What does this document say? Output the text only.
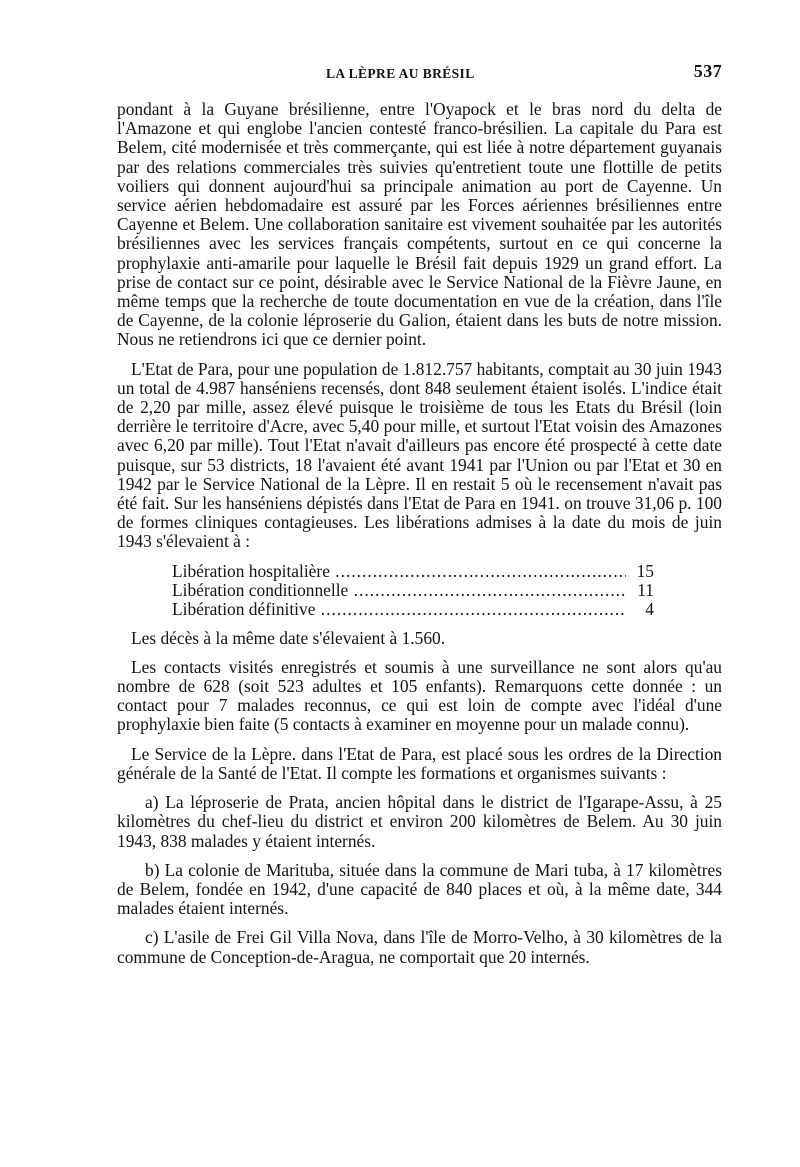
LA LÈPRE AU BRÉSIL	537

pondant à la Guyane brésilienne, entre l'Oyapock et le bras nord du delta de l'Amazone et qui englobe l'ancien contesté franco-brésilien. La capitale du Para est Belem, cité modernisée et très commerçante, qui est liée à notre département guyanais par des relations commerciales très suivies qu'entretient toute une flottille de petits voiliers qui donnent aujourd'hui sa principale animation au port de Cayenne. Un service aérien hebdomadaire est assuré par les Forces aériennes brésiliennes entre Cayenne et Belem. Une collaboration sanitaire est vivement souhaitée par les autorités brésiliennes avec les services français compétents, surtout en ce qui concerne la prophylaxie anti-amarile pour laquelle le Brésil fait depuis 1929 un grand effort. La prise de contact sur ce point, désirable avec le Service National de la Fièvre Jaune, en même temps que la recherche de toute documentation en vue de la création, dans l'île de Cayenne, de la colonie léproserie du Galion, étaient dans les buts de notre mission. Nous ne retiendrons ici que ce dernier point.

L'Etat de Para, pour une population de 1.812.757 habitants, comptait au 30 juin 1943 un total de 4.987 hanséniens recensés, dont 848 seulement étaient isolés. L'indice était de 2,20 par mille, assez élevé puisque le troisième de tous les Etats du Brésil (loin derrière le territoire d'Acre, avec 5,40 pour mille, et surtout l'Etat voisin des Amazones avec 6,20 par mille). Tout l'Etat n'avait d'ailleurs pas encore été prospecté à cette date puisque, sur 53 districts, 18 l'avaient été avant 1941 par l'Union ou par l'Etat et 30 en 1942 par le Service National de la Lèpre. Il en restait 5 où le recensement n'avait pas été fait. Sur les hanséniens dépistés dans l'Etat de Para en 1941. on trouve 31,06 p. 100 de formes cliniques contagieuses. Les libérations admises à la date du mois de juin 1943 s'élevaient à :

Libération hospitalière .....	15
Libération conditionnelle .....	11
Libération définitive .....	4

Les décès à la même date s'élevaient à 1.560.

Les contacts visités enregistrés et soumis à une surveillance ne sont alors qu'au nombre de 628 (soit 523 adultes et 105 enfants). Remarquons cette donnée : un contact pour 7 malades reconnus, ce qui est loin de compte avec l'idéal d'une prophylaxie bien faite (5 contacts à examiner en moyenne pour un malade connu).

Le Service de la Lèpre. dans l'Etat de Para, est placé sous les ordres de la Direction générale de la Santé de l'Etat. Il compte les formations et organismes suivants :

a) La léproserie de Prata, ancien hôpital dans le district de l'Igarape-Assu, à 25 kilomètres du chef-lieu du district et environ 200 kilomètres de Belem. Au 30 juin 1943, 838 malades y étaient internés.

b) La colonie de Marituba, située dans la commune de Mari tuba, à 17 kilomètres de Belem, fondée en 1942, d'une capacité de 840 places et où, à la même date, 344 malades étaient internés.

c) L'asile de Frei Gil Villa Nova, dans l'île de Morro-Velho, à 30 kilomètres de la commune de Conception-de-Aragua, ne comportait que 20 internés.
